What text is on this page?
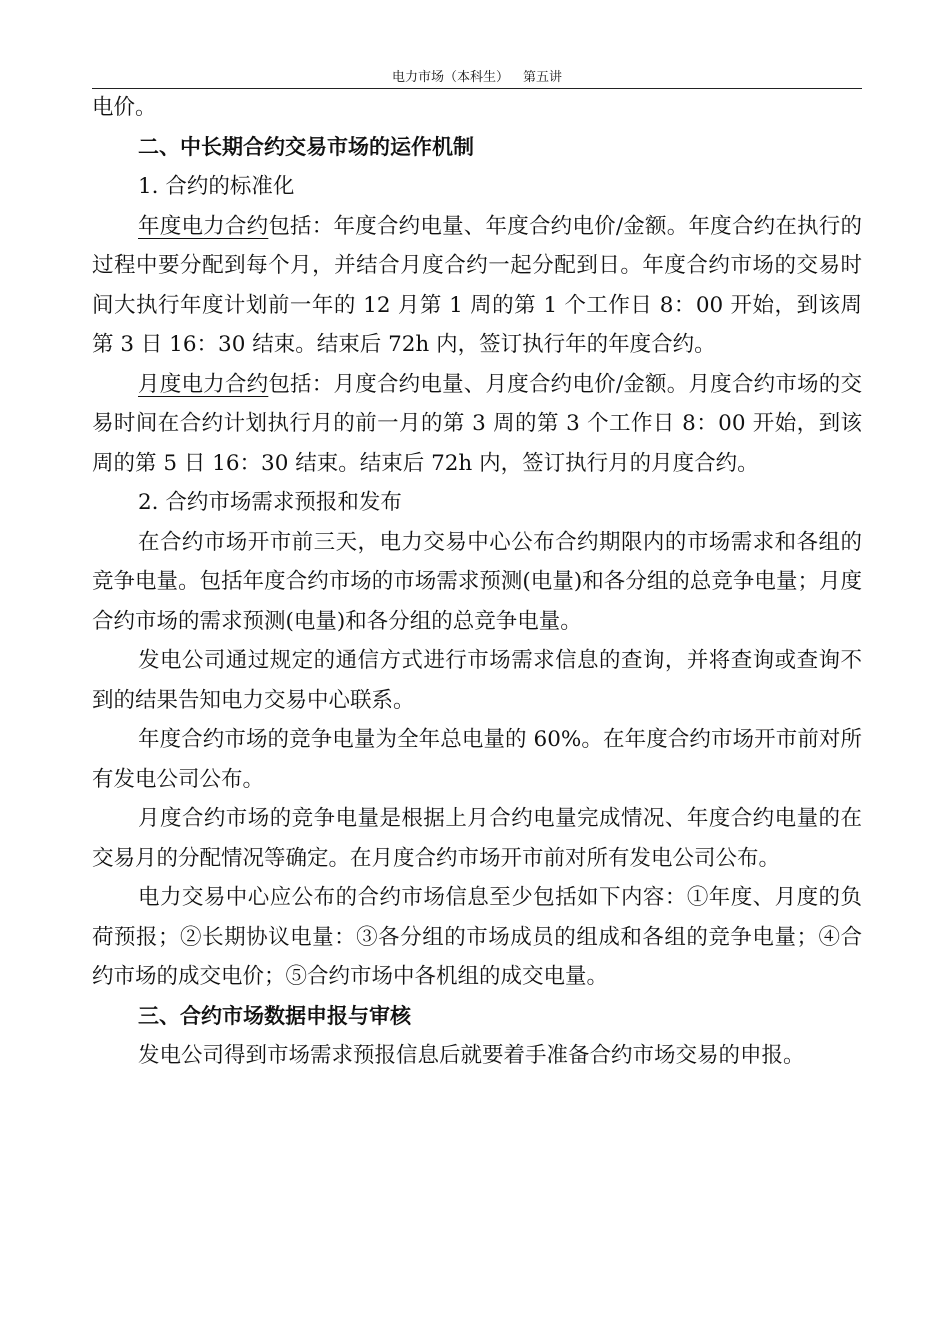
电力市场（本科生） 第五讲

电价。

二、中长期合约交易市场的运作机制

1. 合约的标准化

年度电力合约包括：年度合约电量、年度合约电价/金额。年度合约在执行的过程中要分配到每个月，并结合月度合约一起分配到日。年度合约市场的交易时间大执行年度计划前一年的 12 月第 1 周的第 1 个工作日 8：00 开始，到该周第 3 日 16：30 结束。结束后 72h 内，签订执行年的年度合约。

月度电力合约包括：月度合约电量、月度合约电价/金额。月度合约市场的交易时间在合约计划执行月的前一月的第 3 周的第 3 个工作日 8：00 开始，到该周的第 5 日 16：30 结束。结束后 72h 内，签订执行月的月度合约。

2. 合约市场需求预报和发布

在合约市场开市前三天，电力交易中心公布合约期限内的市场需求和各组的竞争电量。包括年度合约市场的市场需求预测(电量)和各分组的总竞争电量；月度合约市场的需求预测(电量)和各分组的总竞争电量。

发电公司通过规定的通信方式进行市场需求信息的查询，并将查询或查询不到的结果告知电力交易中心联系。

年度合约市场的竞争电量为全年总电量的 60%。在年度合约市场开市前对所有发电公司公布。

月度合约市场的竞争电量是根据上月合约电量完成情况、年度合约电量的在交易月的分配情况等确定。在月度合约市场开市前对所有发电公司公布。

电力交易中心应公布的合约市场信息至少包括如下内容：①年度、月度的负荷预报；②长期协议电量：③各分组的市场成员的组成和各组的竞争电量；④合约市场的成交电价；⑤合约市场中各机组的成交电量。

三、合约市场数据申报与审核

发电公司得到市场需求预报信息后就要着手准备合约市场交易的申报。
